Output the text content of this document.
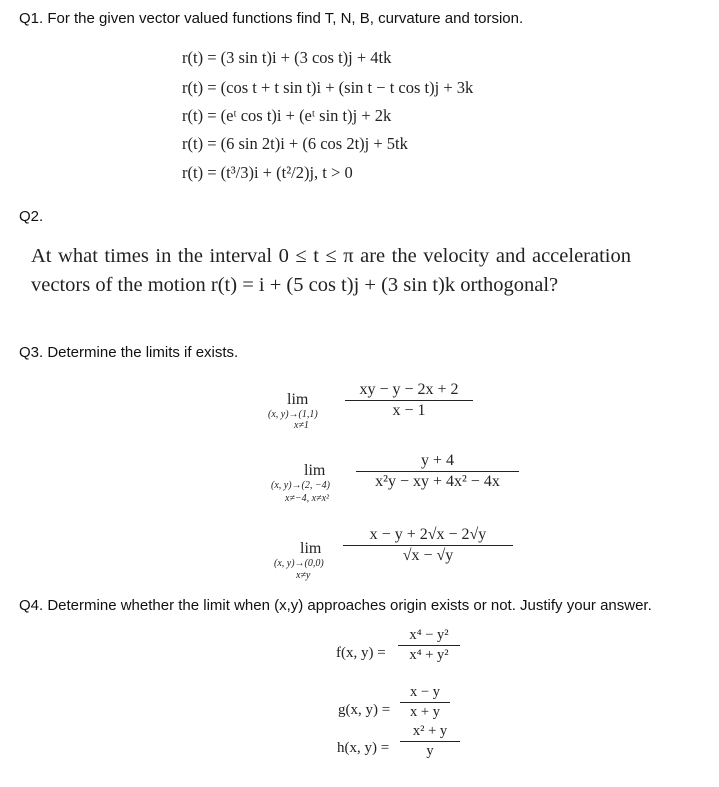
Q1. For the given vector valued functions find T, N, B, curvature and torsion.
r(t) = (3 sin t)i + (3 cos t)j + 4tk
r(t) = (cos t + t sin t)i + (sin t − t cos t)j + 3k
r(t) = (eᵗ cos t)i + (eᵗ sin t)j + 2k
r(t) = (6 sin 2t)i + (6 cos 2t)j + 5tk
r(t) = (t³/3)i + (t²/2)j, t > 0
Q2.
At what times in the interval 0 ≤ t ≤ π are the velocity and acceleration vectors of the motion r(t) = i + (5 cos t)j + (3 sin t)k orthogonal?
Q3. Determine the limits if exists.
lim
(x, y)→(1,1)
x≠1
xy − y − 2x + 2
x − 1
lim
(x, y)→(2, −4)
x≠−4, x≠x²
y + 4
x²y − xy + 4x² − 4x
lim
(x, y)→(0,0)
x≠y
x − y + 2√x − 2√y
√x − √y
Q4. Determine whether the limit when (x,y) approaches origin exists or not. Justify your answer.
f(x, y) =
x⁴ − y²
x⁴ + y²
g(x, y) =
x − y
x + y
h(x, y) =
x² + y
y
